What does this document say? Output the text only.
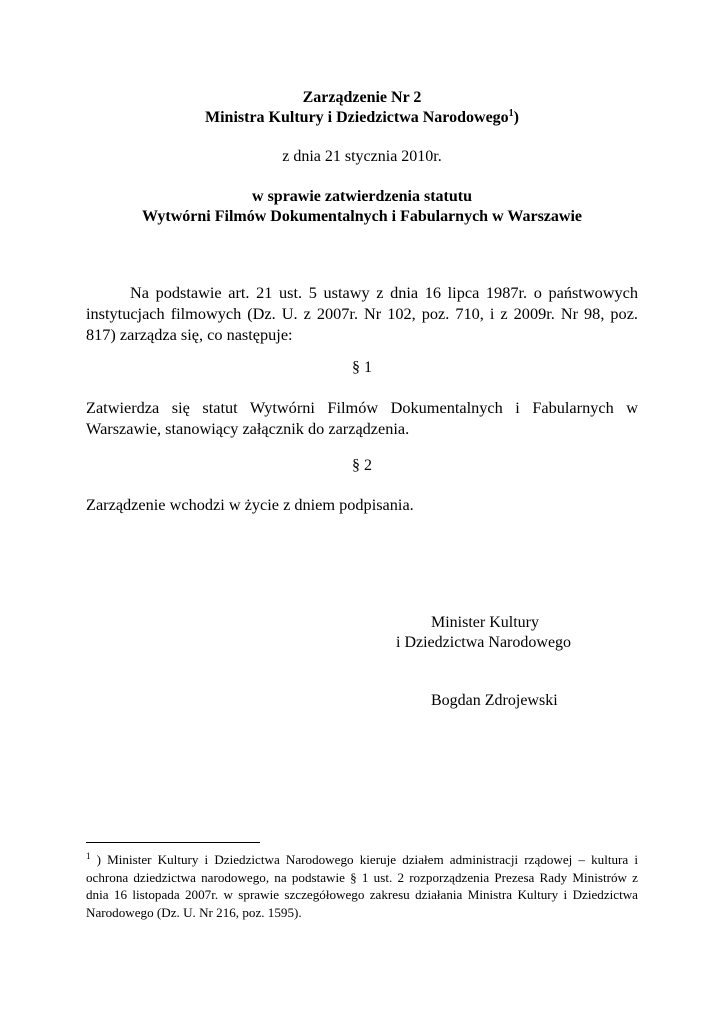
Zarządzenie Nr 2
Ministra Kultury i Dziedzictwa Narodowego$^1$)
z dnia 21 stycznia 2010r.
w sprawie zatwierdzenia statutu
Wytwórni Filmów Dokumentalnych i Fabularnych w Warszawie
Na podstawie art. 21 ust. 5 ustawy z dnia 16 lipca 1987r. o państwowych instytucjach filmowych (Dz. U. z 2007r. Nr 102, poz. 710, i z 2009r. Nr 98, poz. 817) zarządza się, co następuje:
§ 1
Zatwierdza się statut Wytwórni Filmów Dokumentalnych i Fabularnych w Warszawie, stanowiący załącznik do zarządzenia.
§ 2
Zarządzenie wchodzi w życie z dniem podpisania.
Minister Kultury
i Dziedzictwa Narodowego
Bogdan Zdrojewski
$^1$ ) Minister Kultury i Dziedzictwa Narodowego kieruje działem administracji rządowej – kultura i ochrona dziedzictwa narodowego, na podstawie § 1 ust. 2 rozporządzenia Prezesa Rady Ministrów z dnia 16 listopada 2007r. w sprawie szczegółowego zakresu działania Ministra Kultury i Dziedzictwa Narodowego (Dz. U. Nr 216, poz. 1595).
